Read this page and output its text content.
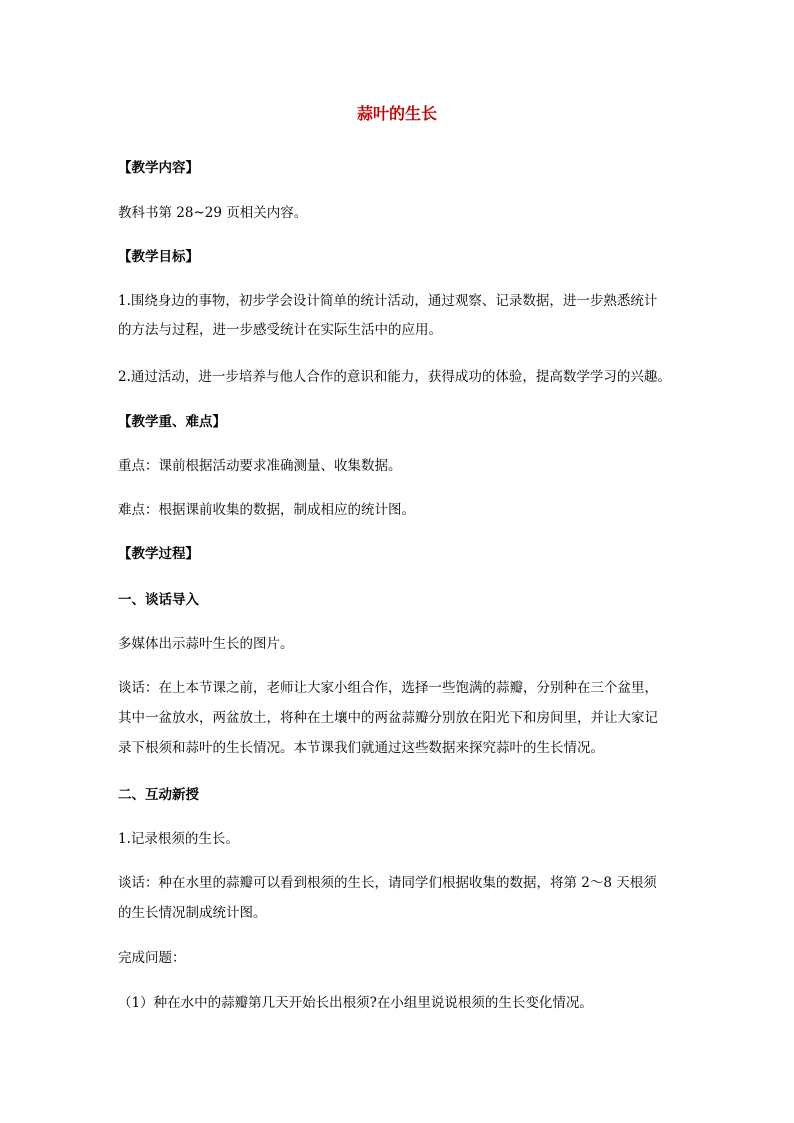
蒜叶的生长
【教学内容】
教科书第 28~29 页相关内容。
【教学目标】
1.围绕身边的事物，初步学会设计简单的统计活动，通过观察、记录数据，进一步熟悉统计
的方法与过程，进一步感受统计在实际生活中的应用。
2.通过活动，进一步培养与他人合作的意识和能力，获得成功的体验，提高数学学习的兴趣。
【教学重、难点】
重点：课前根据活动要求准确测量、收集数据。
难点：根据课前收集的数据，制成相应的统计图。
【教学过程】
一、谈话导入
多媒体出示蒜叶生长的图片。
谈话：在上本节课之前，老师让大家小组合作，选择一些饱满的蒜瓣，分别种在三个盆里，
其中一盆放水，两盆放土，将种在土壤中的两盆蒜瓣分别放在阳光下和房间里，并让大家记
录下根须和蒜叶的生长情况。本节课我们就通过这些数据来探究蒜叶的生长情况。
二、互动新授
1.记录根须的生长。
谈话：种在水里的蒜瓣可以看到根须的生长，请同学们根据收集的数据，将第 2～8 天根须
的生长情况制成统计图。
完成问题：
（1）种在水中的蒜瓣第几天开始长出根须?在小组里说说根须的生长变化情况。
